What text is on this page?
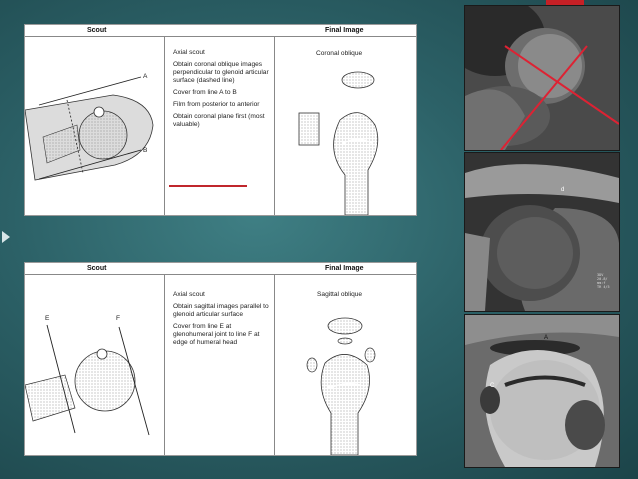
Scout	Final Image
A
B
Coronal oblique

Axial scout

Obtain coronal oblique images perpendicular to glenoid articular surface (dashed line)

Cover from line A to B

Film from posterior to anterior

Obtain coronal plane first (most valuable)

Scout	Final Image
E	F
Sagittal oblique

Axial scout

Obtain sagittal images parallel to glenoid articular surface

Cover from line E at glenohumeral joint to line F at edge of humeral head

d
3DV
20.8/
mm:f
TR 4/5
A
C
